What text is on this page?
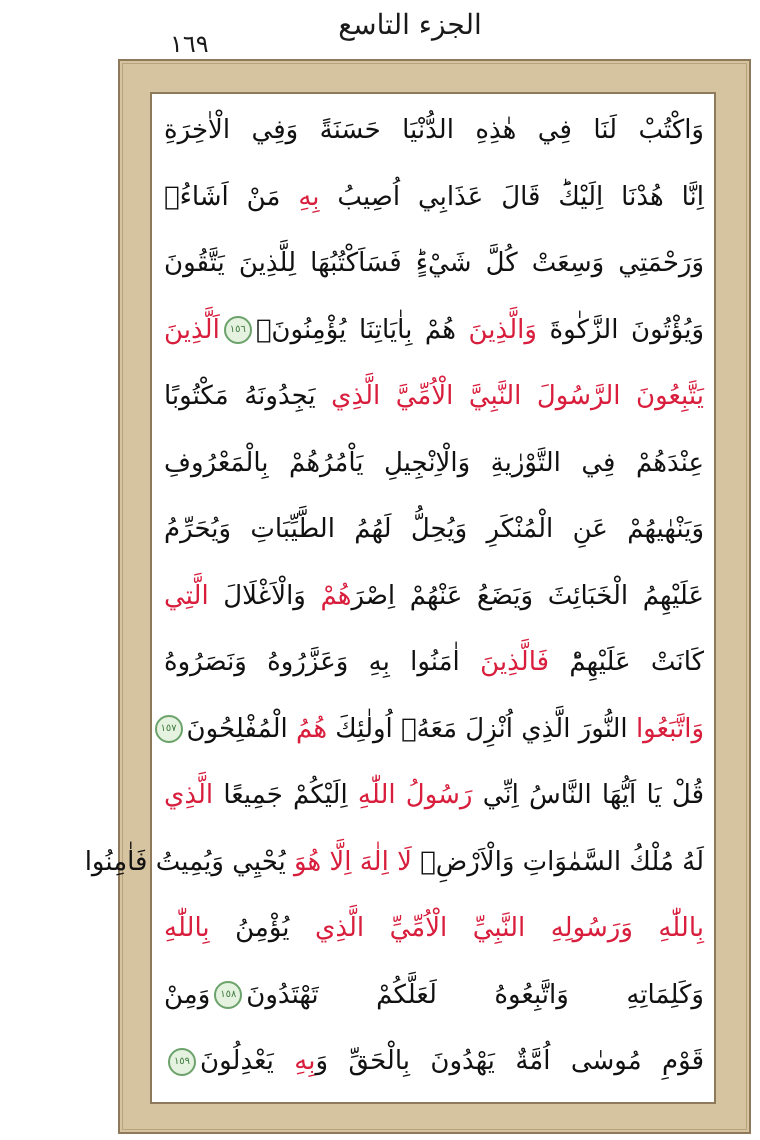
١٦٩
الجزء التاسع
وَاكْتُبْ لَنَا فِي هٰذِهِ الدُّنْيَا حَسَنَةً وَفِي الْاٰخِرَةِ
اِنَّا هُدْنَا اِلَيْكَؕ قَالَ عَذَابِي اُصِيبُ بِهِ مَنْ اَشَاءُۚ
وَرَحْمَتِي وَسِعَتْ كُلَّ شَيْءٍؕ فَسَاَكْتُبُهَا لِلَّذِينَ يَتَّقُونَ
وَيُؤْتُونَ الزَّكٰوةَ وَالَّذِينَ هُمْ بِاٰيَاتِنَا يُؤْمِنُونَۚ١٥٦اَلَّذِينَ
يَتَّبِعُونَ الرَّسُولَ النَّبِيَّ الْاُمِّيَّ الَّذِي يَجِدُونَهُ مَكْتُوبًا
عِنْدَهُمْ فِي التَّوْرٰيةِ وَالْاِنْجِيلِ يَاْمُرُهُمْ بِالْمَعْرُوفِ
وَيَنْهٰيهُمْ عَنِ الْمُنْكَرِ وَيُحِلُّ لَهُمُ الطَّيِّبَاتِ وَيُحَرِّمُ
عَلَيْهِمُ الْخَبَائِثَ وَيَضَعُ عَنْهُمْ اِصْرَهُمْ وَالْاَغْلَالَ الَّتِي
كَانَتْ عَلَيْهِمْؕ فَالَّذِينَ اٰمَنُوا بِهِ وَعَزَّرُوهُ وَنَصَرُوهُ
وَاتَّبَعُوا النُّورَ الَّذِي اُنْزِلَ مَعَهُۙ اُولٰئِكَ هُمُ الْمُفْلِحُونَ١٥٧
قُلْ يَا اَيُّهَا النَّاسُ اِنِّي رَسُولُ اللّٰهِ اِلَيْكُمْ جَمِيعًا الَّذِي
لَهُ مُلْكُ السَّمٰوَاتِ وَالْاَرْضِۚ لَا اِلٰهَ اِلَّا هُوَ يُحْيِي وَيُمِيتُ فَاٰمِنُوا
بِاللّٰهِ وَرَسُولِهِ النَّبِيِّ الْاُمِّيِّ الَّذِي يُؤْمِنُ بِاللّٰهِ
وَكَلِمَاتِهِ وَاتَّبِعُوهُ لَعَلَّكُمْ تَهْتَدُونَ١٥٨وَمِنْ
قَوْمِ مُوسٰى اُمَّةٌ يَهْدُونَ بِالْحَقِّ وَبِهِ يَعْدِلُونَ١٥٩
